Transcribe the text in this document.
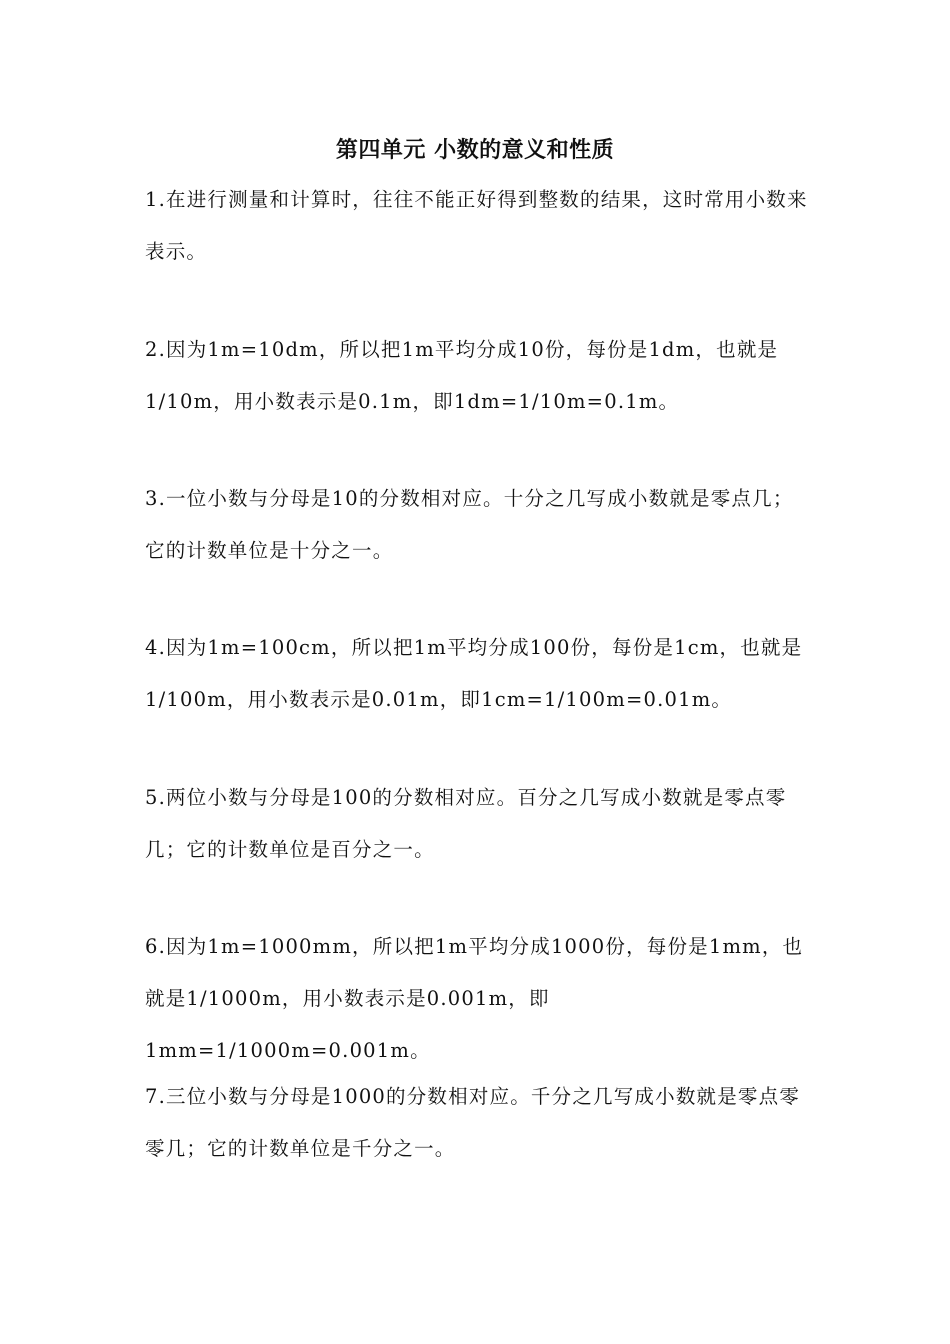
第四单元 小数的意义和性质

1.在进行测量和计算时，往往不能正好得到整数的结果，这时常用小数来表示。

2.因为1m=10dm，所以把1m平均分成10份，每份是1dm，也就是1/10m，用小数表示是0.1m，即1dm=1/10m=0.1m。

3.一位小数与分母是10的分数相对应。十分之几写成小数就是零点几；它的计数单位是十分之一。

4.因为1m=100cm，所以把1m平均分成100份，每份是1cm，也就是1/100m，用小数表示是0.01m，即1cm=1/100m=0.01m。

5.两位小数与分母是100的分数相对应。百分之几写成小数就是零点零几；它的计数单位是百分之一。

6.因为1m=1000mm，所以把1m平均分成1000份，每份是1mm，也就是1/1000m，用小数表示是0.001m，即1mm=1/1000m=0.001m。

7.三位小数与分母是1000的分数相对应。千分之几写成小数就是零点零零几；它的计数单位是千分之一。
